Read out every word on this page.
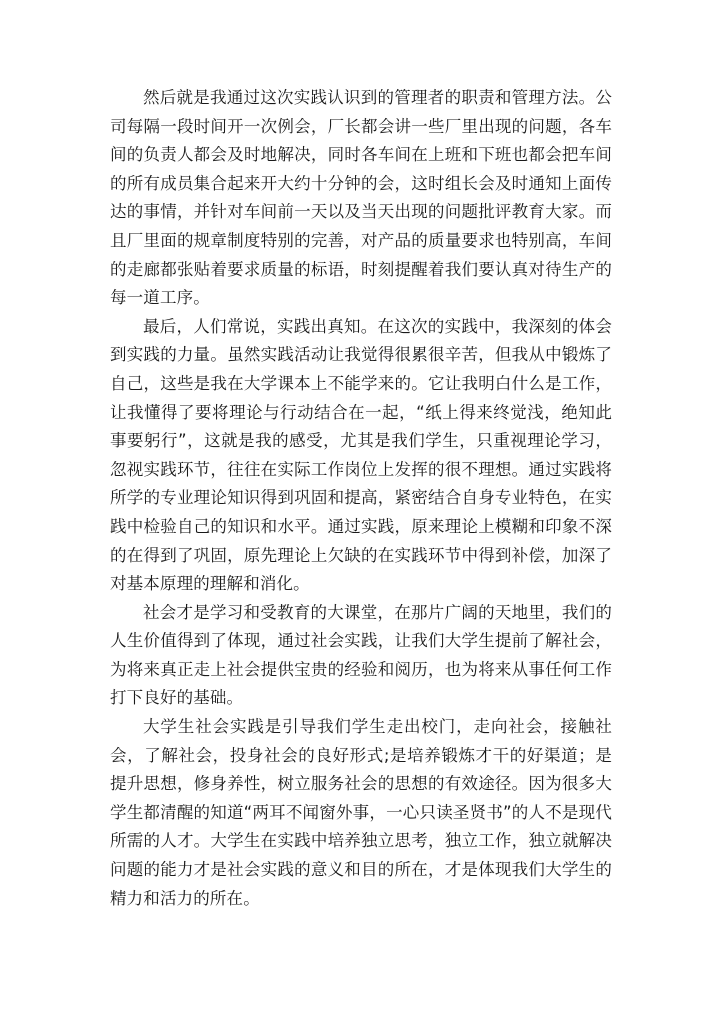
然后就是我通过这次实践认识到的管理者的职责和管理方法。公司每隔一段时间开一次例会，厂长都会讲一些厂里出现的问题，各车间的负责人都会及时地解决，同时各车间在上班和下班也都会把车间的所有成员集合起来开大约十分钟的会，这时组长会及时通知上面传达的事情，并针对车间前一天以及当天出现的问题批评教育大家。而且厂里面的规章制度特别的完善，对产品的质量要求也特别高，车间的走廊都张贴着要求质量的标语，时刻提醒着我们要认真对待生产的每一道工序。

最后，人们常说，实践出真知。在这次的实践中，我深刻的体会到实践的力量。虽然实践活动让我觉得很累很辛苦，但我从中锻炼了自己，这些是我在大学课本上不能学来的。它让我明白什么是工作，让我懂得了要将理论与行动结合在一起，“纸上得来终觉浅，绝知此事要躬行”，这就是我的感受，尤其是我们学生，只重视理论学习，忽视实践环节，往往在实际工作岗位上发挥的很不理想。通过实践将所学的专业理论知识得到巩固和提高，紧密结合自身专业特色，在实践中检验自己的知识和水平。通过实践，原来理论上模糊和印象不深的在得到了巩固，原先理论上欠缺的在实践环节中得到补偿，加深了对基本原理的理解和消化。

社会才是学习和受教育的大课堂，在那片广阔的天地里，我们的人生价值得到了体现，通过社会实践，让我们大学生提前了解社会，为将来真正走上社会提供宝贵的经验和阅历，也为将来从事任何工作打下良好的基础。

大学生社会实践是引导我们学生走出校门，走向社会，接触社会，了解社会，投身社会的良好形式;是培养锻炼才干的好渠道；是提升思想，修身养性，树立服务社会的思想的有效途径。因为很多大学生都清醒的知道“两耳不闻窗外事，一心只读圣贤书”的人不是现代所需的人才。大学生在实践中培养独立思考，独立工作，独立就解决问题的能力才是社会实践的意义和目的所在，才是体现我们大学生的精力和活力的所在。
